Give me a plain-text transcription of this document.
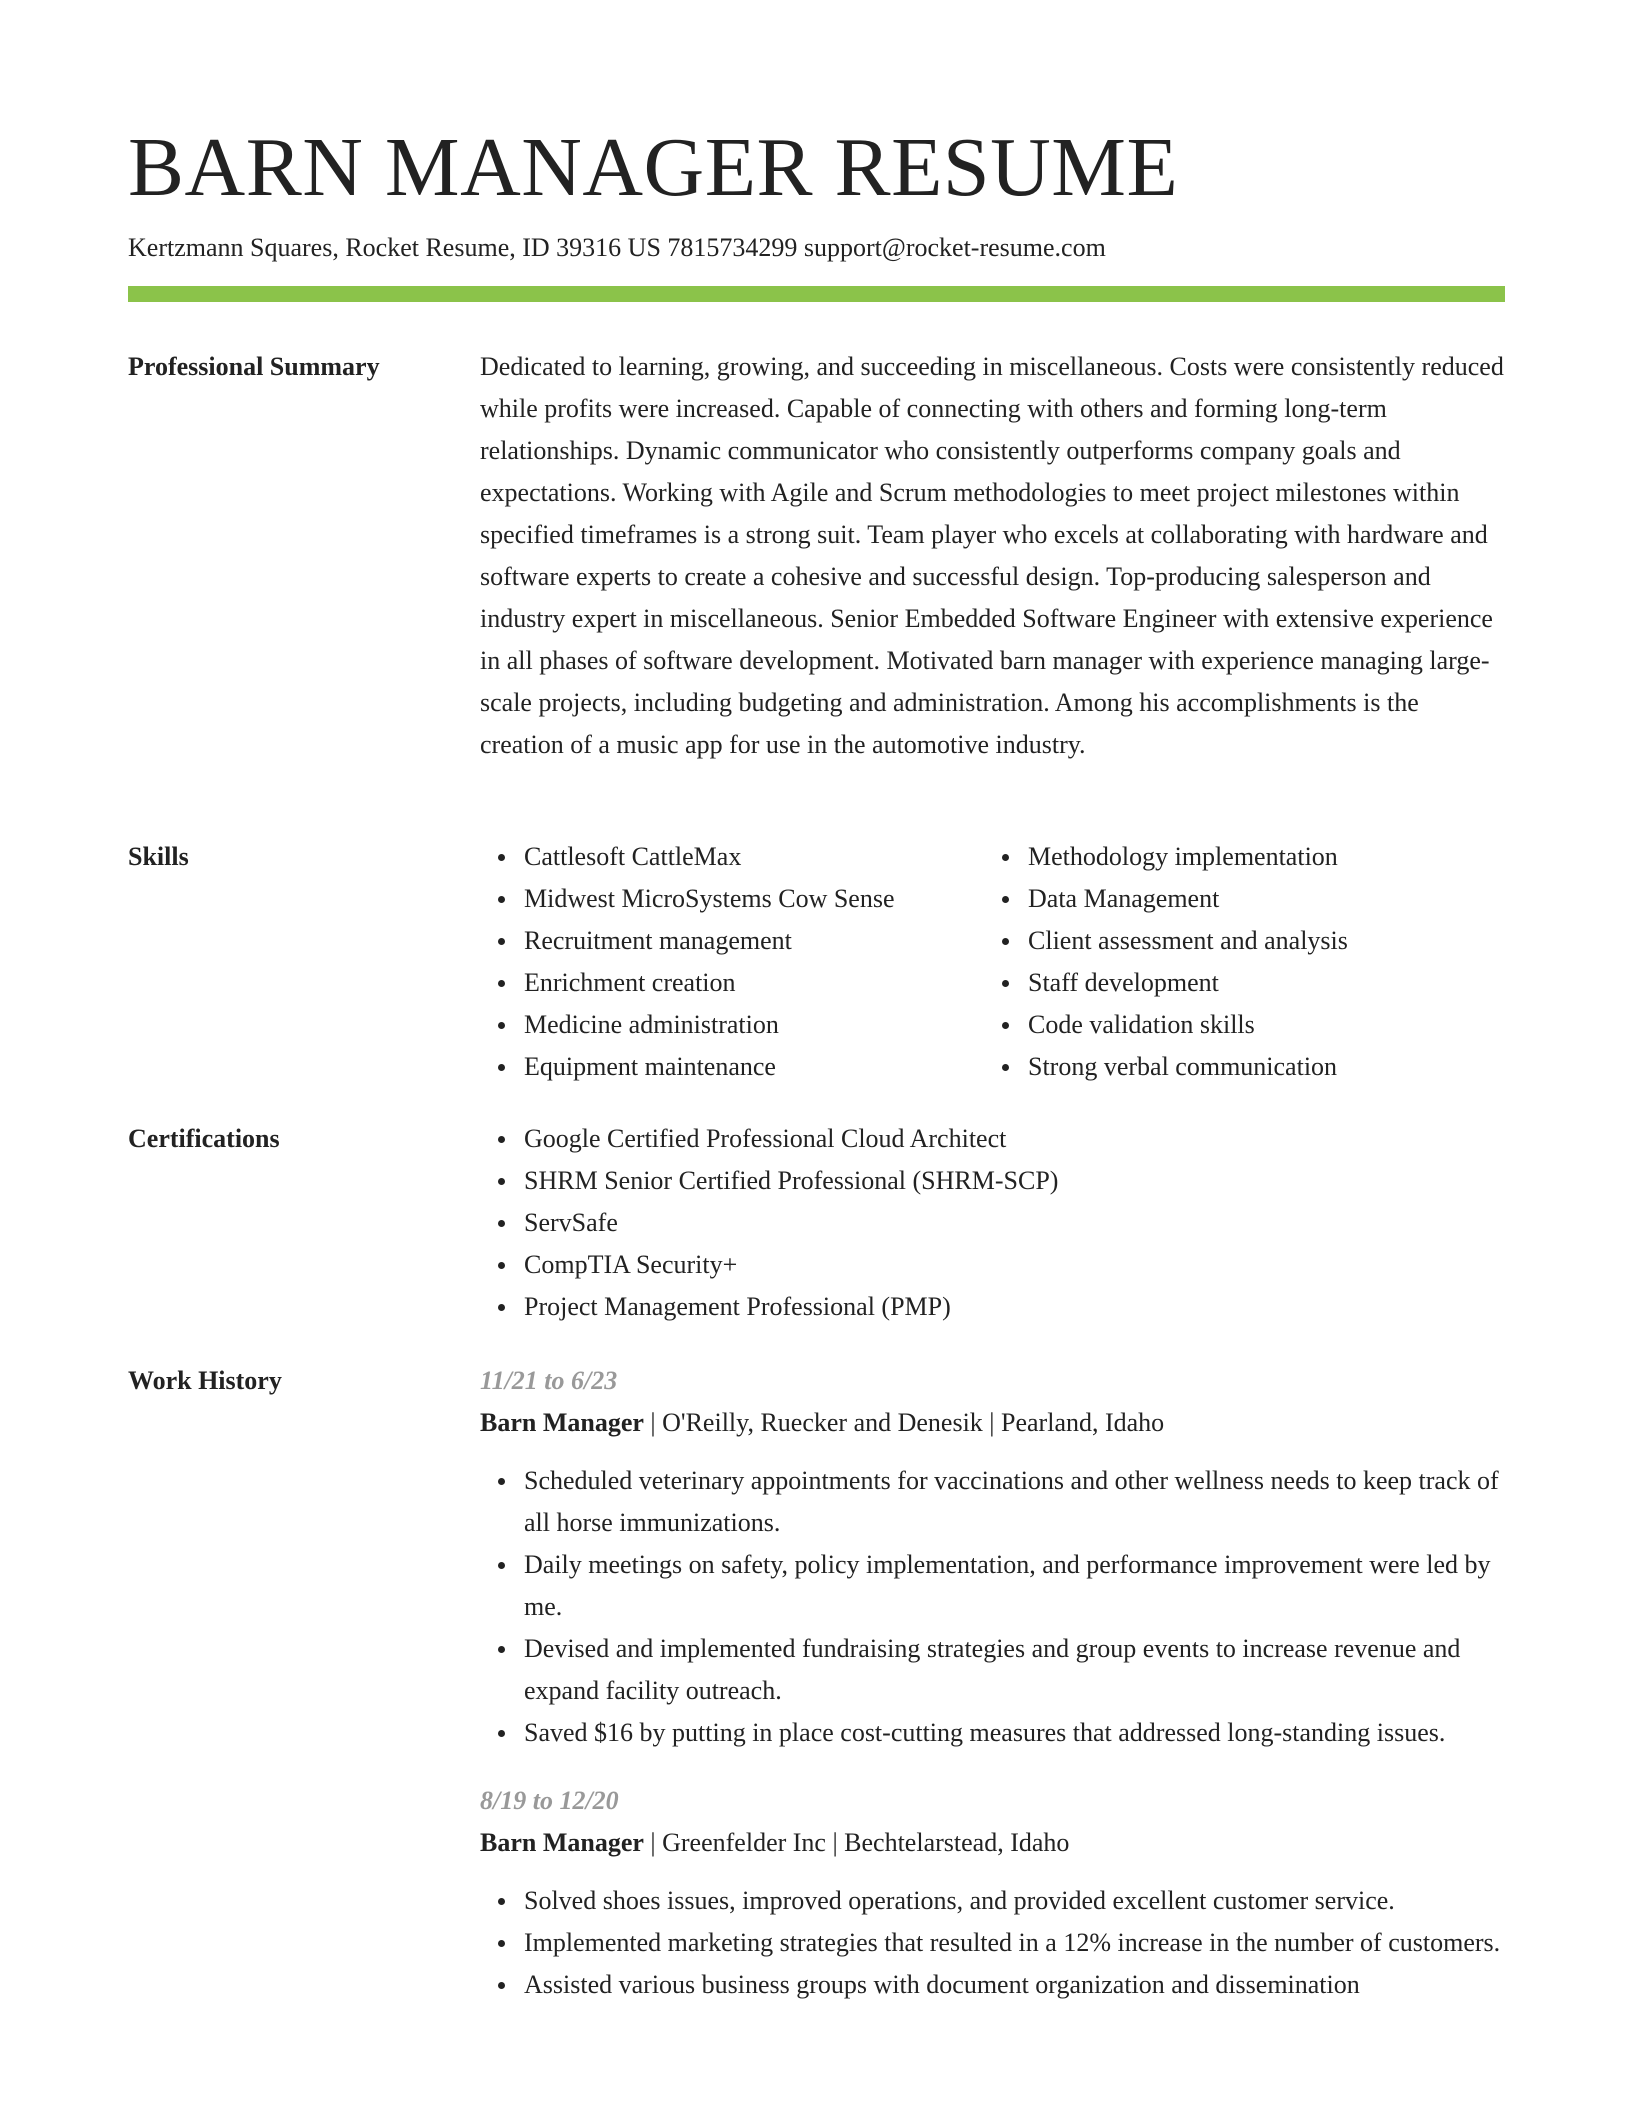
BARN MANAGER RESUME
Kertzmann Squares, Rocket Resume, ID 39316 US 7815734299 support@rocket-resume.com
Professional Summary	Dedicated to learning, growing, and succeeding in miscellaneous. Costs were consistently reduced while profits were increased. Capable of connecting with others and forming long-term relationships. Dynamic communicator who consistently outperforms company goals and expectations. Working with Agile and Scrum methodologies to meet project milestones within specified timeframes is a strong suit. Team player who excels at collaborating with hardware and software experts to create a cohesive and successful design. Top-producing salesperson and industry expert in miscellaneous. Senior Embedded Software Engineer with extensive experience in all phases of software development. Motivated barn manager with experience managing large-scale projects, including budgeting and administration. Among his accomplishments is the creation of a music app for use in the automotive industry.

Skills	Cattlesoft CattleMax
Midwest MicroSystems Cow Sense
Recruitment management
Enrichment creation
Medicine administration
Equipment maintenance
Methodology implementation
Data Management
Client assessment and analysis
Staff development
Code validation skills
Strong verbal communication
Certifications	Google Certified Professional Cloud Architect
SHRM Senior Certified Professional (SHRM-SCP)
ServSafe
CompTIA Security+
Project Management Professional (PMP)
Work History	11/21 to 6/23
Barn Manager | O'Reilly, Ruecker and Denesik | Pearland, Idaho
Scheduled veterinary appointments for vaccinations and other wellness needs to keep track of all horse immunizations.
Daily meetings on safety, policy implementation, and performance improvement were led by me.
Devised and implemented fundraising strategies and group events to increase revenue and expand facility outreach.
Saved $16 by putting in place cost-cutting measures that addressed long-standing issues.
8/19 to 12/20
Barn Manager | Greenfelder Inc | Bechtelarstead, Idaho
Solved shoes issues, improved operations, and provided excellent customer service.
Implemented marketing strategies that resulted in a 12% increase in the number of customers.
Assisted various business groups with document organization and dissemination
